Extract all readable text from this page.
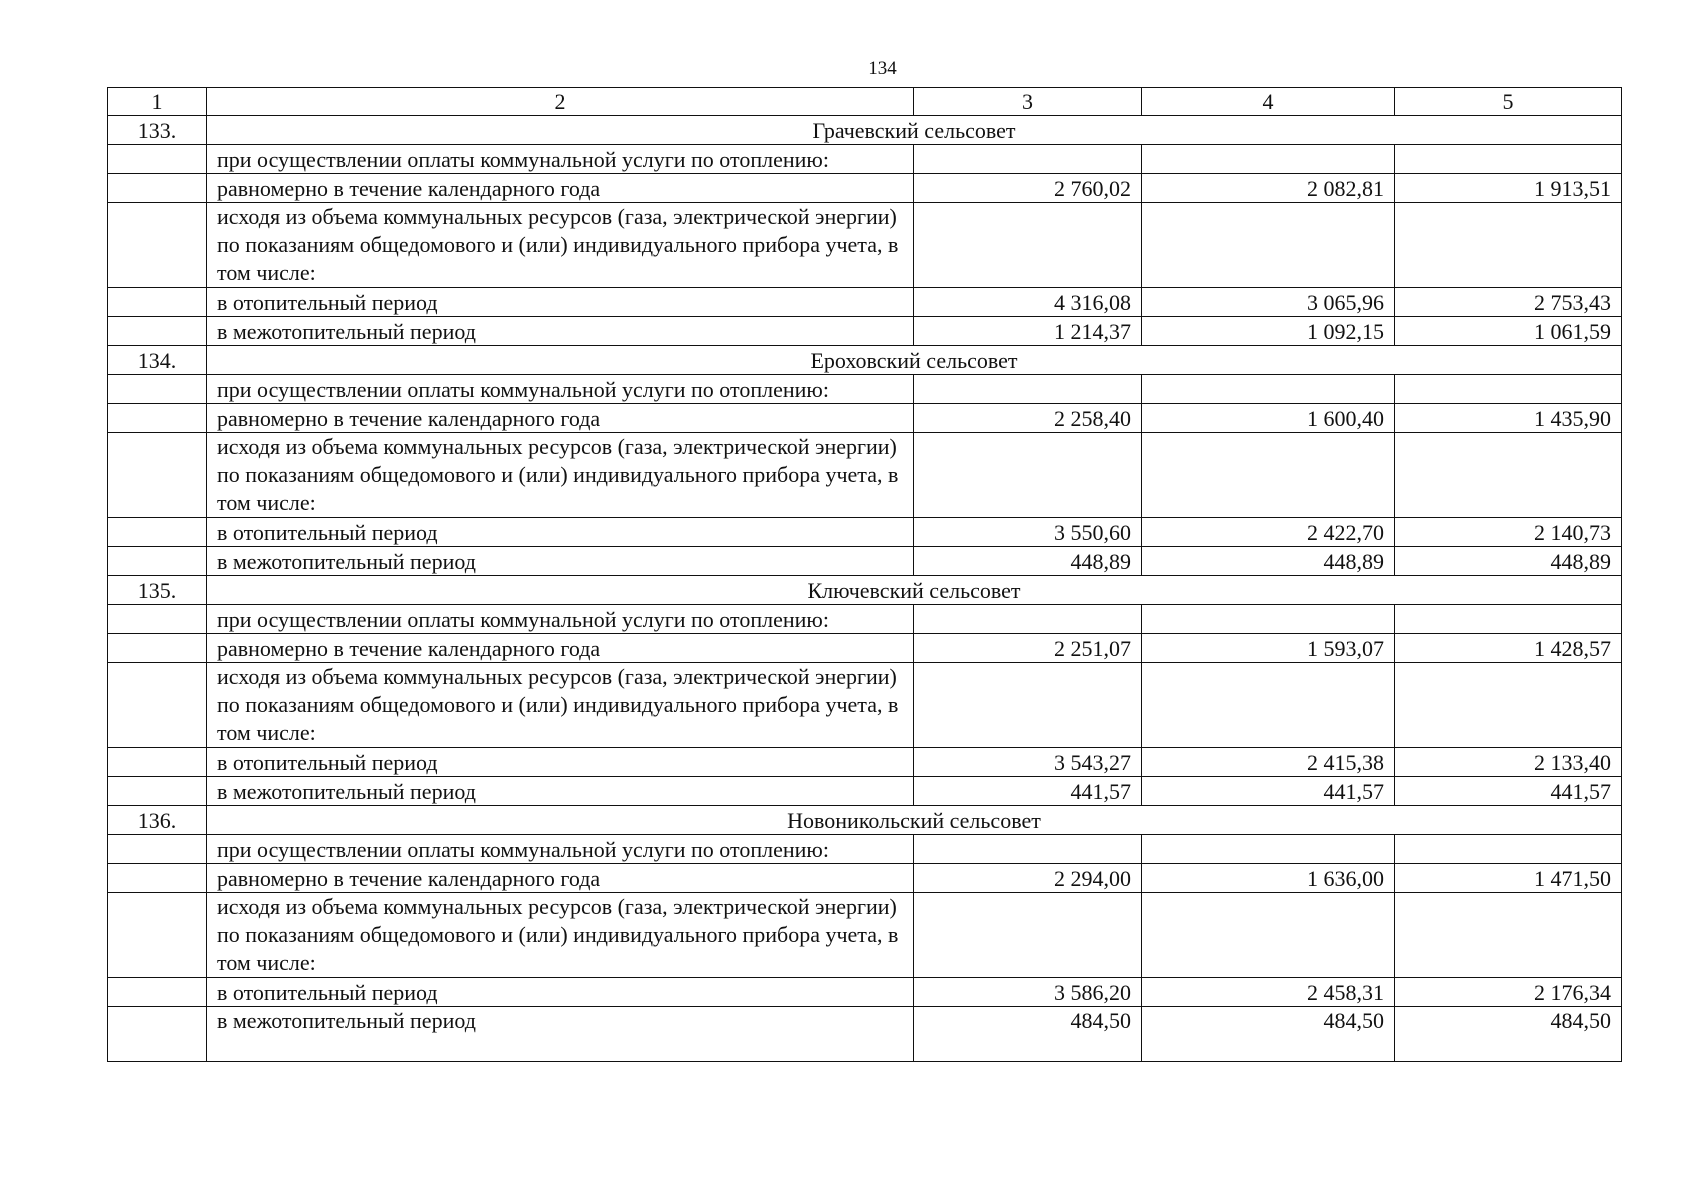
134
1	2	3	4	5
133.	Грачевский сельсовет			
	при осуществлении оплаты коммунальной услуги по отоплению:			
	равномерно в течение календарного года	2 760,02	2 082,81	1 913,51
	исходя из объема коммунальных ресурсов (газа, электрической энергии) по показаниям общедомового и (или) индивидуального прибора учета, в том числе:			
	в отопительный период	4 316,08	3 065,96	2 753,43
	в межотопительный период	1 214,37	1 092,15	1 061,59
134.	Ероховский сельсовет			
	при осуществлении оплаты коммунальной услуги по отоплению:			
	равномерно в течение календарного года	2 258,40	1 600,40	1 435,90
	исходя из объема коммунальных ресурсов (газа, электрической энергии) по показаниям общедомового и (или) индивидуального прибора учета, в том числе:			
	в отопительный период	3 550,60	2 422,70	2 140,73
	в межотопительный период	448,89	448,89	448,89
135.	Ключевский сельсовет			
	при осуществлении оплаты коммунальной услуги по отоплению:			
	равномерно в течение календарного года	2 251,07	1 593,07	1 428,57
	исходя из объема коммунальных ресурсов (газа, электрической энергии) по показаниям общедомового и (или) индивидуального прибора учета, в том числе:			
	в отопительный период	3 543,27	2 415,38	2 133,40
	в межотопительный период	441,57	441,57	441,57
136.	Новоникольский сельсовет			
	при осуществлении оплаты коммунальной услуги по отоплению:			
	равномерно в течение календарного года	2 294,00	1 636,00	1 471,50
	исходя из объема коммунальных ресурсов (газа, электрической энергии) по показаниям общедомового и (или) индивидуального прибора учета, в том числе:			
	в отопительный период	3 586,20	2 458,31	2 176,34
	в межотопительный период	484,50	484,50	484,50
